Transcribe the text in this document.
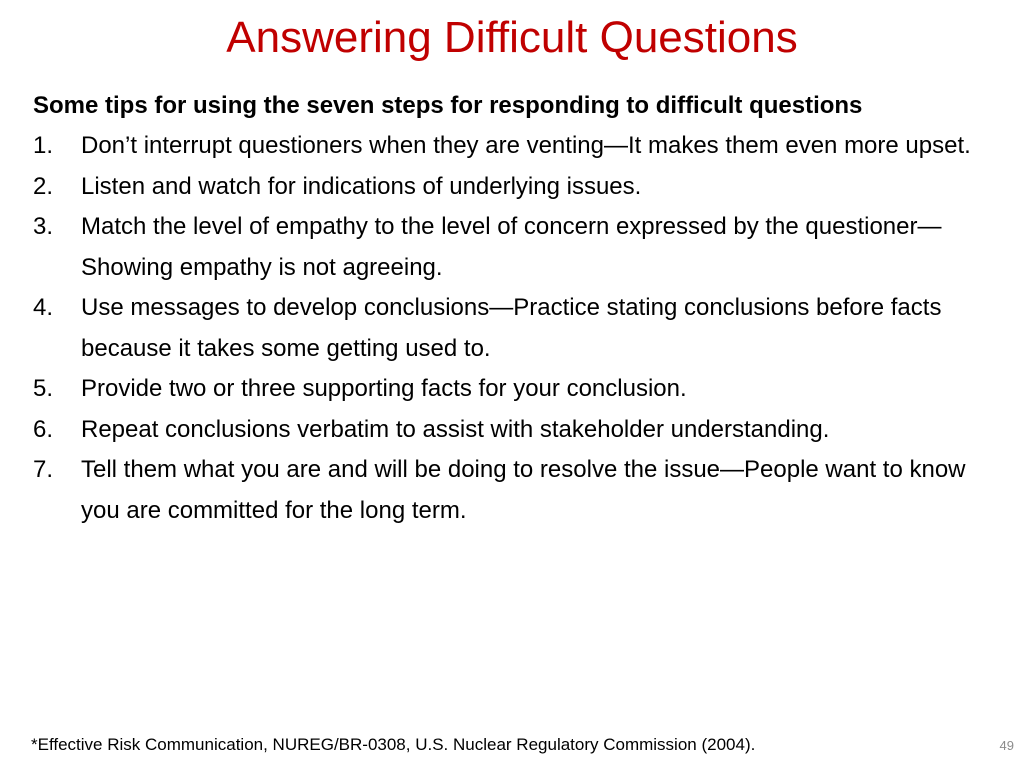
Answering Difficult Questions

Some tips for using the seven steps for responding to difficult questions

1. Don’t interrupt questioners when they are venting—It makes them even more upset.
2. Listen and watch for indications of underlying issues.
3. Match the level of empathy to the level of concern expressed by the questioner—Showing empathy is not agreeing.
4. Use messages to develop conclusions—Practice stating conclusions before facts because it takes some getting used to.
5. Provide two or three supporting facts for your conclusion.
6. Repeat conclusions verbatim to assist with stakeholder understanding.
7. Tell them what you are and will be doing to resolve the issue—People want to know you are committed for the long term.

*Effective Risk Communication, NUREG/BR-0308, U.S. Nuclear Regulatory Commission (2004).	49
